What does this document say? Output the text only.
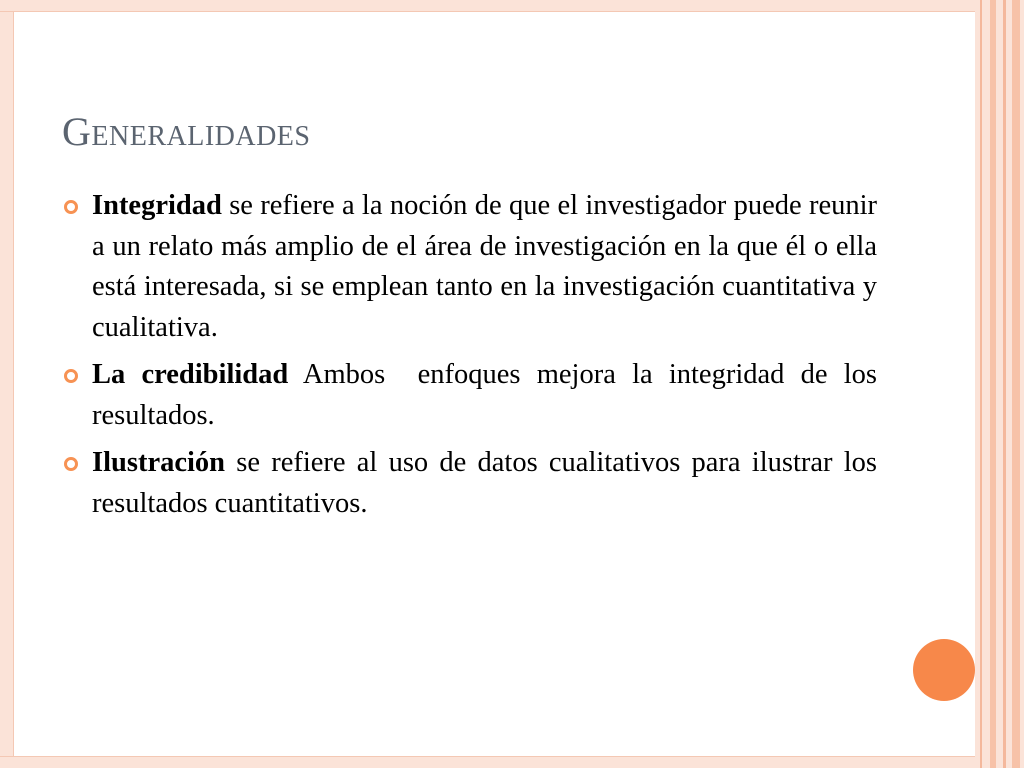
Generalidades
Integridad se refiere a la noción de que el investigador puede reunir a un relato más amplio de el área de investigación en la que él o ella está interesada, si se emplean tanto en la investigación cuantitativa y cualitativa.
La credibilidad Ambos  enfoques mejora la integridad de los resultados.
Ilustración se refiere al uso de datos cualitativos para ilustrar los resultados cuantitativos.
